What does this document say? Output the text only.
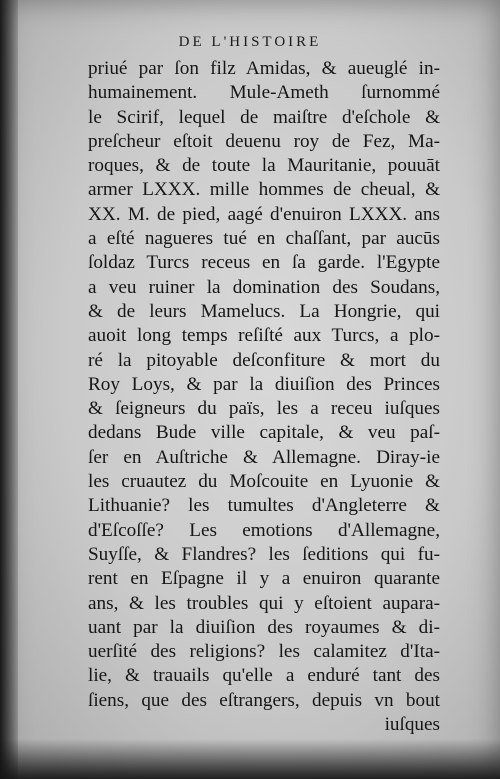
DE L'HISTOIRE
priué par ſon filz Amidas, & aueuglé in-
humainement. Mule-Ameth ſurnommé
le Scirif, lequel de maiſtre d'eſchole &
preſcheur eſtoit deuenu roy de Fez, Ma-
roques, & de toute la Mauritanie, pouuāt
armer LXXX. mille hommes de cheual, &
XX. M. de pied, aagé d'enuiron LXXX. ans
a eſté nagueres tué en chaſſant, par aucūs
ſoldaz Turcs receus en ſa garde. l'Egypte
a veu ruiner la domination des Soudans,
& de leurs Mamelucs. La Hongrie, qui
auoit long temps reſiſté aux Turcs, a plo-
ré la pitoyable deſconfiture & mort du
Roy Loys, & par la diuiſion des Princes
& ſeigneurs du païs, les a receu iuſques
dedans Bude ville capitale, & veu paſ-
ſer en Auſtriche & Allemagne. Diray-ie
les cruautez du Moſcouite en Lyuonie &
Lithuanie? les tumultes d'Angleterre &
d'Eſcoſſe? Les emotions d'Allemagne,
Suyſſe, & Flandres? les ſeditions qui fu-
rent en Eſpagne il y a enuiron quarante
ans, & les troubles qui y eſtoient aupara-
uant par la diuiſion des royaumes & di-
uerſité des religions? les calamitez d'Ita-
lie, & trauails qu'elle a enduré tant des
ſiens, que des eſtrangers, depuis vn bout
iuſques
